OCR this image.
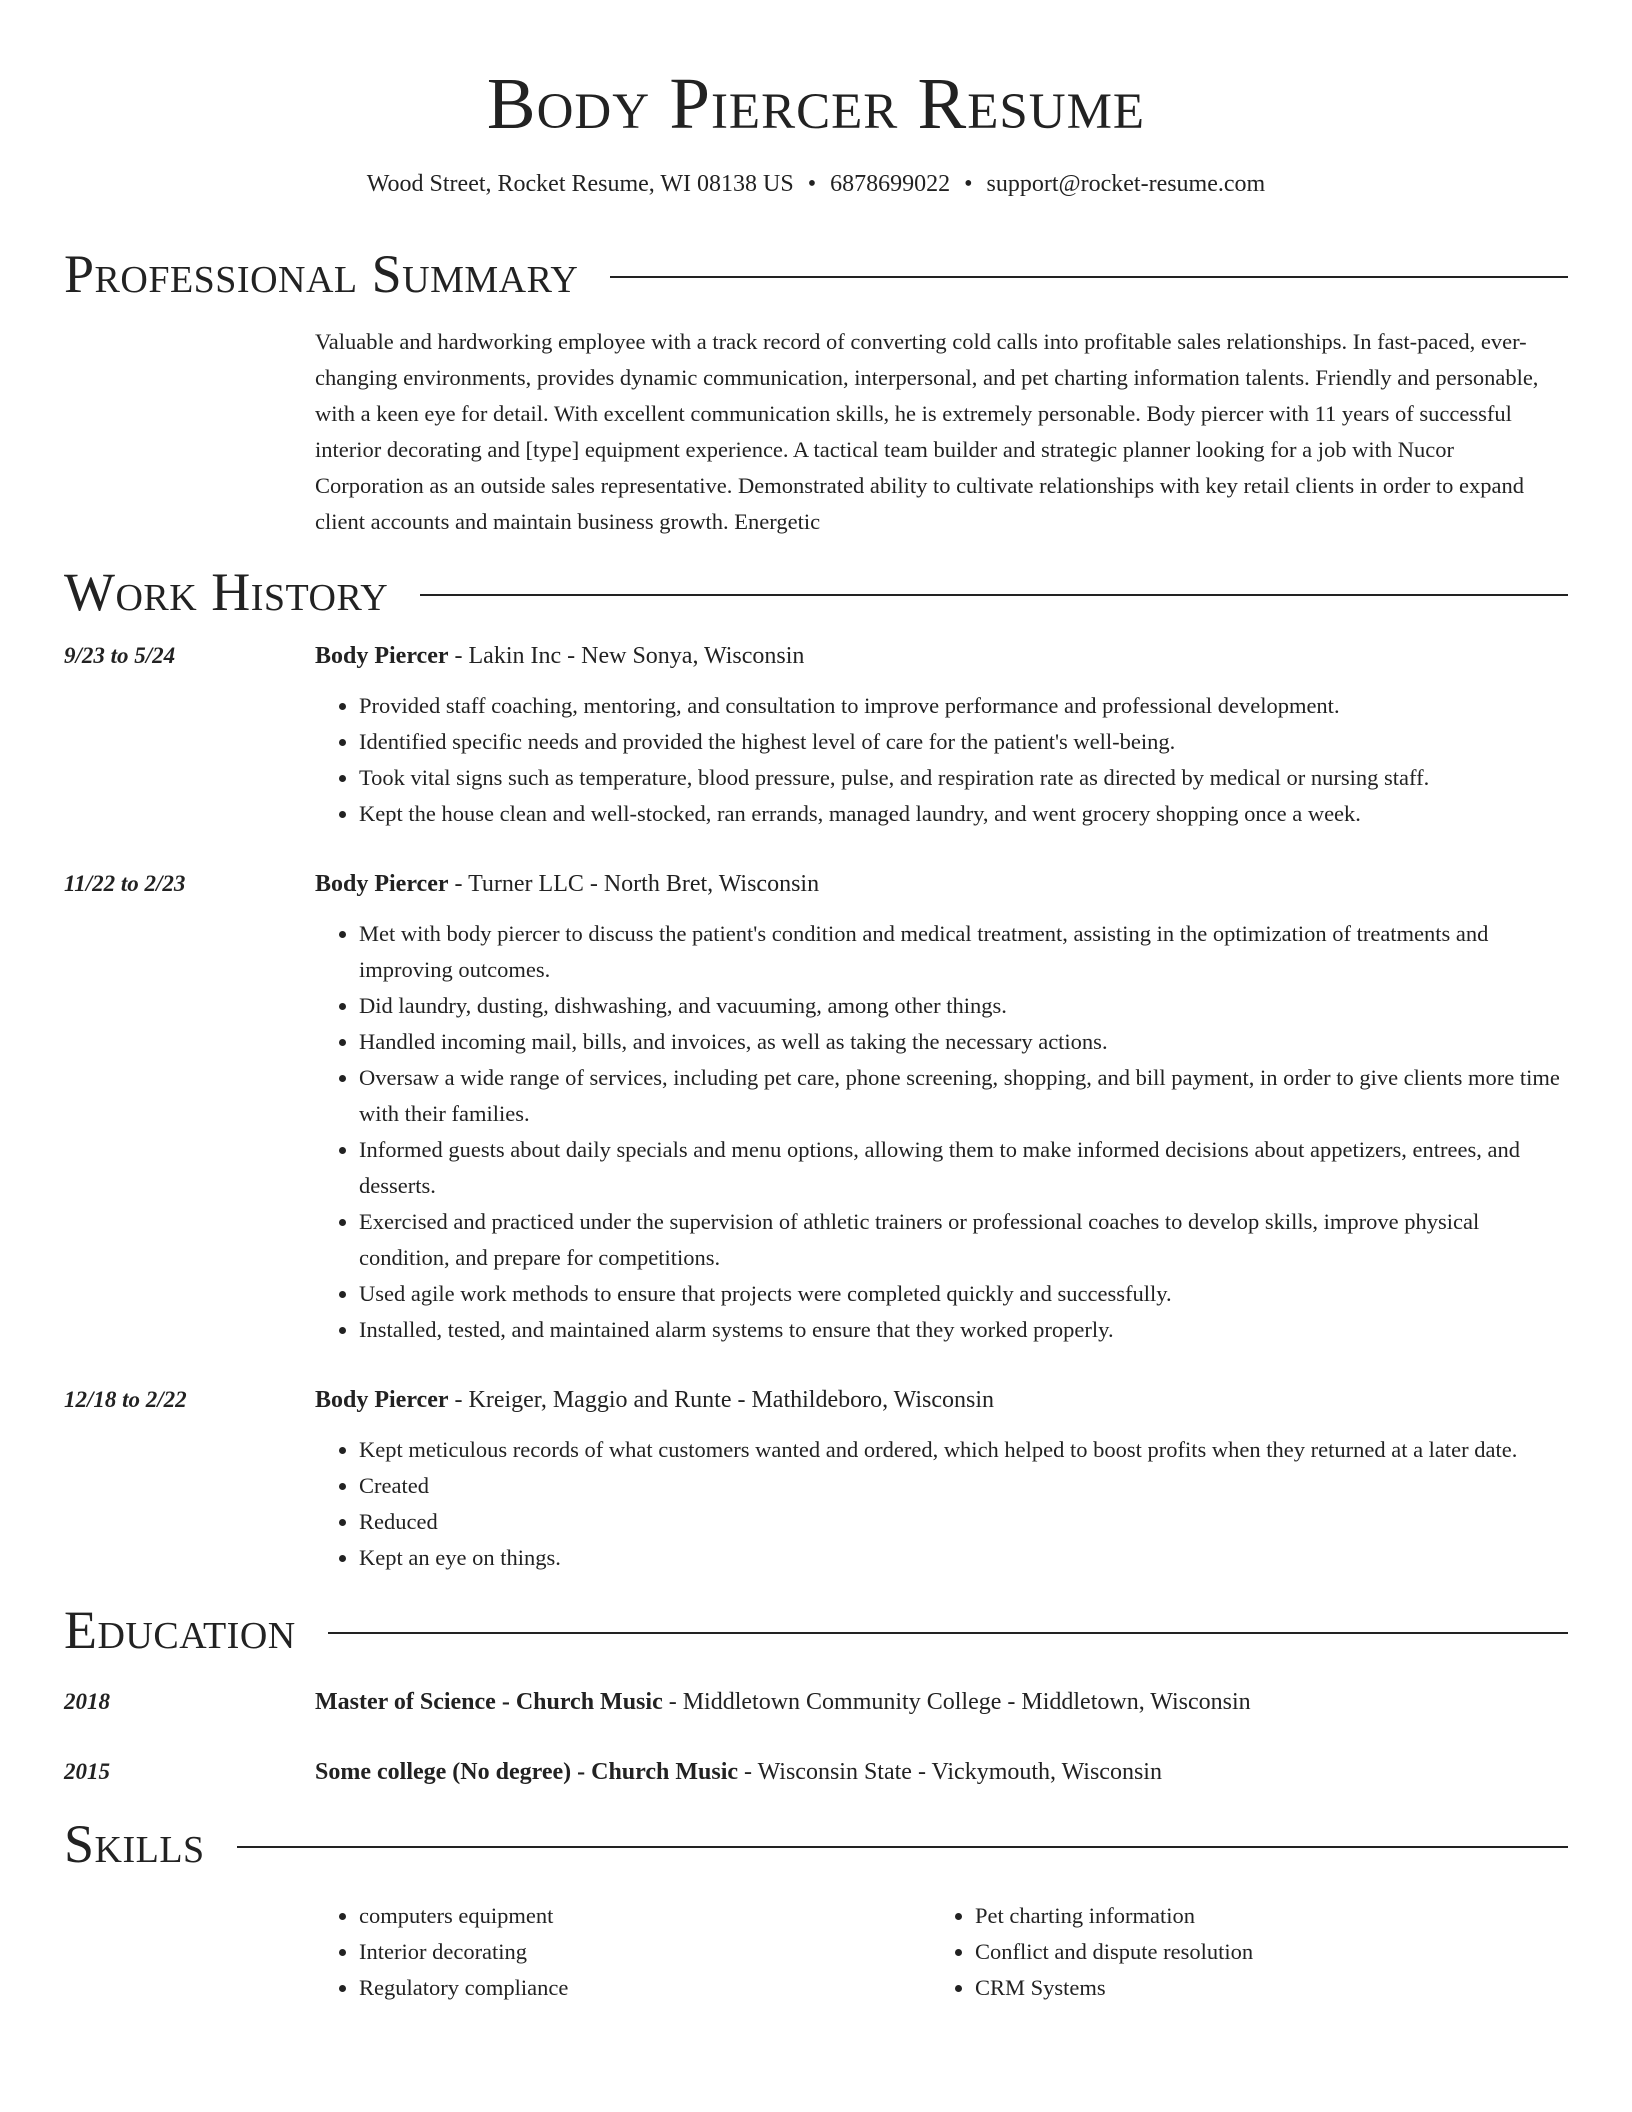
Body Piercer Resume
Wood Street, Rocket Resume, WI 08138 US • 6878699022 • support@rocket-resume.com
Professional Summary
Valuable and hardworking employee with a track record of converting cold calls into profitable sales relationships. In fast-paced, ever-changing environments, provides dynamic communication, interpersonal, and pet charting information talents. Friendly and personable, with a keen eye for detail. With excellent communication skills, he is extremely personable. Body piercer with 11 years of successful interior decorating and [type] equipment experience. A tactical team builder and strategic planner looking for a job with Nucor Corporation as an outside sales representative. Demonstrated ability to cultivate relationships with key retail clients in order to expand client accounts and maintain business growth. Energetic
Work History
9/23 to 5/24	Body Piercer - Lakin Inc - New Sonya, Wisconsin
• Provided staff coaching, mentoring, and consultation to improve performance and professional development.
• Identified specific needs and provided the highest level of care for the patient's well-being.
• Took vital signs such as temperature, blood pressure, pulse, and respiration rate as directed by medical or nursing staff.
• Kept the house clean and well-stocked, ran errands, managed laundry, and went grocery shopping once a week.
11/22 to 2/23	Body Piercer - Turner LLC - North Bret, Wisconsin
• Met with body piercer to discuss the patient's condition and medical treatment, assisting in the optimization of treatments and improving outcomes.
• Did laundry, dusting, dishwashing, and vacuuming, among other things.
• Handled incoming mail, bills, and invoices, as well as taking the necessary actions.
• Oversaw a wide range of services, including pet care, phone screening, shopping, and bill payment, in order to give clients more time with their families.
• Informed guests about daily specials and menu options, allowing them to make informed decisions about appetizers, entrees, and desserts.
• Exercised and practiced under the supervision of athletic trainers or professional coaches to develop skills, improve physical condition, and prepare for competitions.
• Used agile work methods to ensure that projects were completed quickly and successfully.
• Installed, tested, and maintained alarm systems to ensure that they worked properly.
12/18 to 2/22	Body Piercer - Kreiger, Maggio and Runte - Mathildeboro, Wisconsin
• Kept meticulous records of what customers wanted and ordered, which helped to boost profits when they returned at a later date.
• Created
• Reduced
• Kept an eye on things.
Education
2018	Master of Science - Church Music - Middletown Community College - Middletown, Wisconsin
2015	Some college (No degree) - Church Music - Wisconsin State - Vickymouth, Wisconsin
Skills
• computers equipment
• Interior decorating
• Regulatory compliance
• Pet charting information
• Conflict and dispute resolution
• CRM Systems
